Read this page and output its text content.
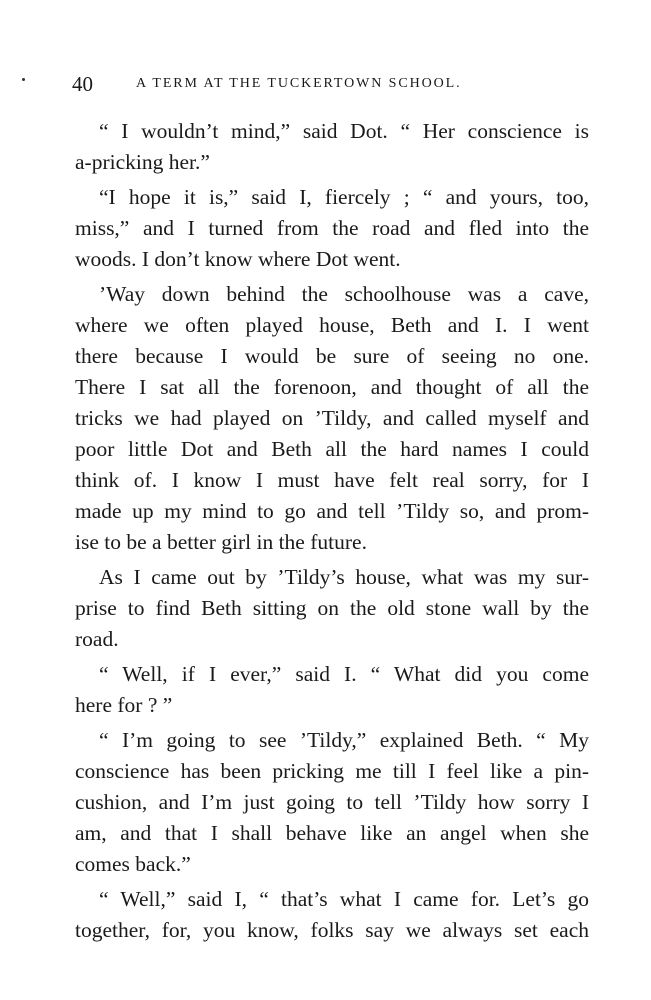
40	A TERM AT THE TUCKERTOWN SCHOOL.
“ I wouldn’t mind,” said Dot. “ Her conscience is
a-pricking her.”
“I hope it is,” said I, fiercely ; “ and yours, too,
miss,” and I turned from the road and fled into the
woods. I don’t know where Dot went.
’Way down behind the schoolhouse was a cave,
where we often played house, Beth and I. I went
there because I would be sure of seeing no one.
There I sat all the forenoon, and thought of all the
tricks we had played on ’Tildy, and called myself and
poor little Dot and Beth all the hard names I could
think of. I know I must have felt real sorry, for I
made up my mind to go and tell ’Tildy so, and prom-
ise to be a better girl in the future.
As I came out by ’Tildy’s house, what was my sur-
prise to find Beth sitting on the old stone wall by the
road.
“ Well, if I ever,” said I. “ What did you come
here for ? ”
“ I’m going to see ’Tildy,” explained Beth. “ My
conscience has been pricking me till I feel like a pin-
cushion, and I’m just going to tell ’Tildy how sorry I
am, and that I shall behave like an angel when she
comes back.”
“ Well,” said I, “ that’s what I came for. Let’s go
together, for, you know, folks say we always set each
